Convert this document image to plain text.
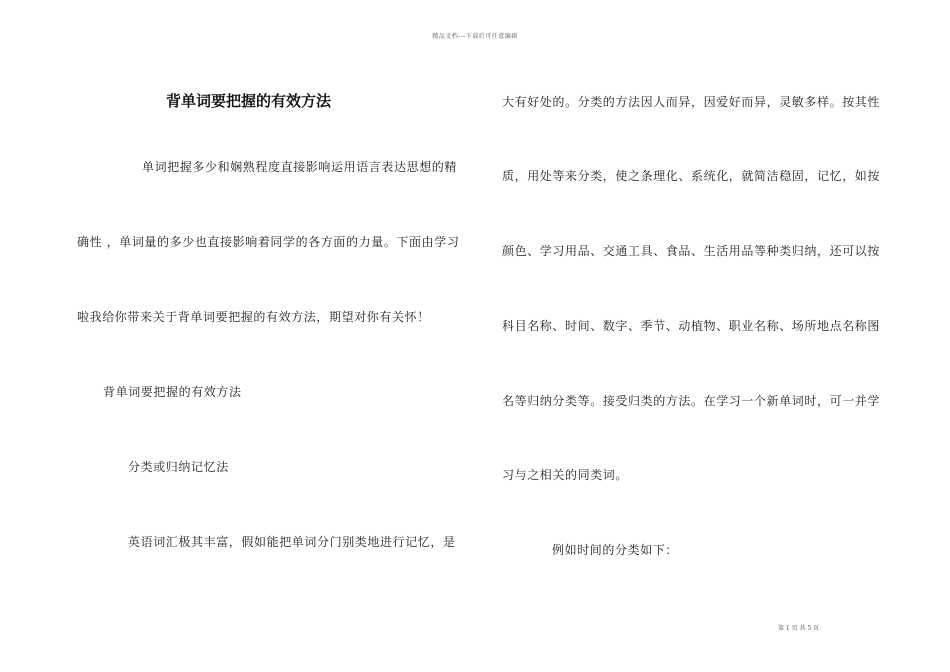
精品文档---下载后可任意编辑
背单词要把握的有效方法
单词把握多少和娴熟程度直接影响运用语言表达思想的精
确性 ，单词量的多少也直接影响着同学的各方面的力量。下面由学习
啦我给你带来关于背单词要把握的有效方法，期望对你有关怀！
背单词要把握的有效方法
分类或归纳记忆法
英语词汇极其丰富，假如能把单词分门别类地进行记忆，是
大有好处的。分类的方法因人而异，因爱好而异，灵敏多样。按其性
质，用处等来分类，使之条理化、系统化，就简洁稳固，记忆，如按
颜色、学习用品、交通工具、食品、生活用品等种类归纳，还可以按
科目名称、时间、数字、季节、动植物、职业名称、场所地点名称图
名等归纳分类等。接受归类的方法。在学习一个新单词时，可一并学
习与之相关的同类词。
例如时间的分类如下：
第 1 页 共 5 页
